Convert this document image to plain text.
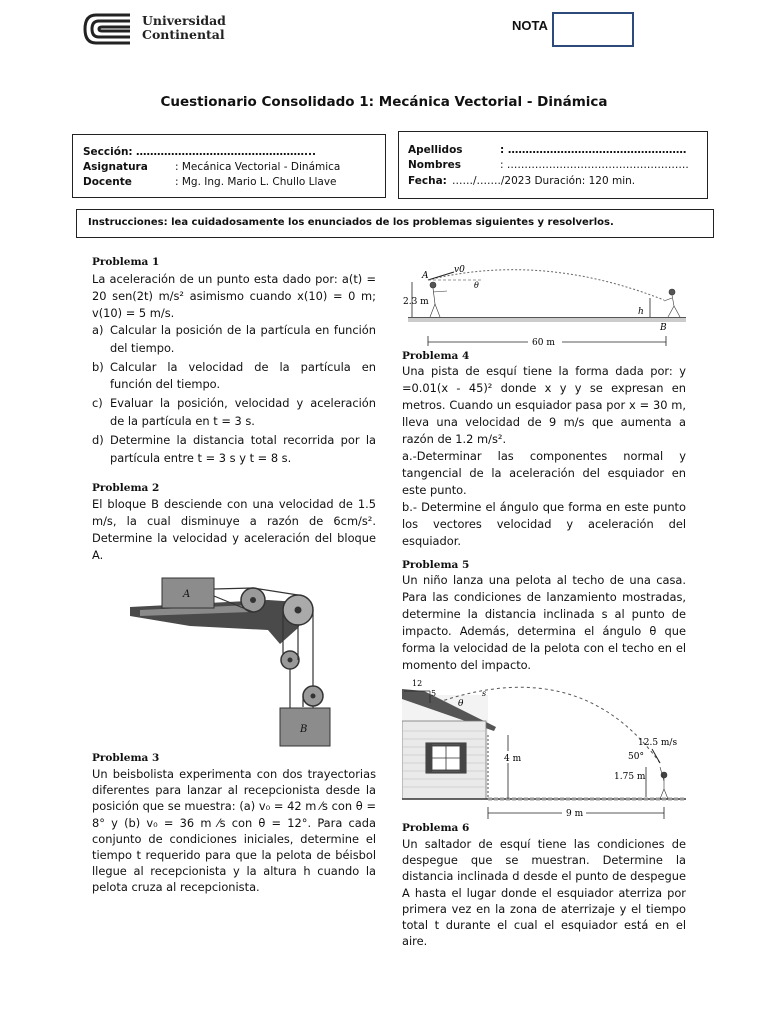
Universidad
Continental
NOTA
Cuestionario Consolidado 1: Mecánica Vectorial - Dinámica
Sección: …………………………………………...
Asignatura	: Mecánica Vectorial - Dinámica
Docente	: Mg. Ing. Mario L. Chullo Llave
Apellidos	: ……………………………………………
Nombres	: …………………………………………….
Fecha: ……/……./2023 Duración: 120 min.
Instrucciones: lea cuidadosamente los enunciados de los problemas siguientes y resolverlos.
Problema 1
La aceleración de un punto esta dado por: a(t) = 20 sen(2t) m/s² asimismo cuando x(10) = 0 m; v(10) = 5 m/s.
a) Calcular la posición de la partícula en función del tiempo.
b) Calcular la velocidad de la partícula en función del tiempo.
c) Evaluar la posición, velocidad y aceleración de la partícula en t = 3 s.
d) Determine la distancia total recorrida por la partícula entre t = 3 s y t = 8 s.
Problema 2
El bloque B desciende con una velocidad de 1.5 m/s, la cual disminuye a razón de 6cm/s². Determine la velocidad y aceleración del bloque A.
A
B
Problema 3
Un beisbolista experimenta con dos trayectorias diferentes para lanzar al recepcionista desde la posición que se muestra: (a) v₀ = 42 m ⁄s con θ = 8° y (b) v₀ = 36 m ⁄s con θ = 12°. Para cada conjunto de condiciones iniciales, determine el tiempo t requerido para que la pelota de béisbol llegue al recepcionista y la altura h cuando la pelota cruza al recepcionista.
A
v0
θ
2.3 m
h
B
60 m
Problema 4
Una pista de esquí tiene la forma dada por: y =0.01(x - 45)² donde x y y se expresan en metros. Cuando un esquiador pasa por x = 30 m, lleva una velocidad de 9 m/s que aumenta a razón de 1.2 m/s².
a.-Determinar las componentes normal y tangencial de la aceleración del esquiador en este punto.
b.- Determine el ángulo que forma en este punto los vectores velocidad y aceleración del esquiador.
Problema 5
Un niño lanza una pelota al techo de una casa. Para las condiciones de lanzamiento mostradas, determine la distancia inclinada s al punto de impacto. Además, determina el ángulo θ que forma la velocidad de la pelota con el techo en el momento del impacto.
12
5	s
θ
4 m
12.5 m/s
50°
1.75 m
9 m
Problema 6
Un saltador de esquí tiene las condiciones de despegue que se muestran. Determine la distancia inclinada d desde el punto de despegue A hasta el lugar donde el esquiador aterriza por primera vez en la zona de aterrizaje y el tiempo total t durante el cual el esquiador está en el aire.
